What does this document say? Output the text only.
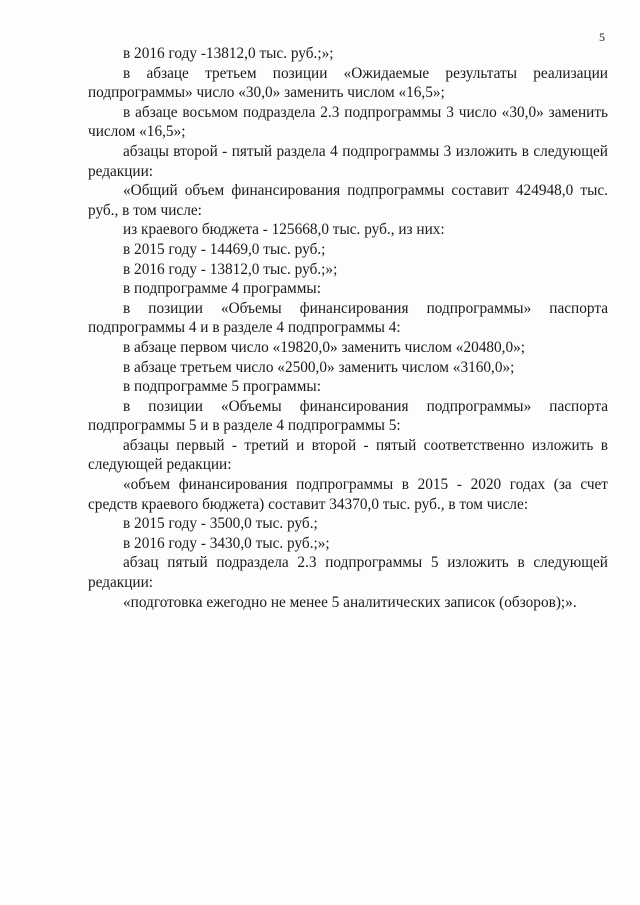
5

в 2016 году -13812,0 тыс. руб.;»;

в абзаце третьем позиции «Ожидаемые результаты реализации подпрограммы» число «30,0» заменить числом «16,5»;

в абзаце восьмом подраздела 2.3 подпрограммы 3 число «30,0» заменить числом «16,5»;

абзацы второй - пятый раздела 4 подпрограммы 3 изложить в следующей редакции:

«Общий объем финансирования подпрограммы составит 424948,0 тыс. руб., в том числе:

из краевого бюджета - 125668,0 тыс. руб., из них:

в 2015 году - 14469,0 тыс. руб.;

в 2016 году - 13812,0 тыс. руб.;»;

в подпрограмме 4 программы:

в позиции «Объемы финансирования подпрограммы» паспорта подпрограммы 4 и в разделе 4 подпрограммы 4:

в абзаце первом число «19820,0» заменить числом «20480,0»;

в абзаце третьем число «2500,0» заменить числом «3160,0»;

в подпрограмме 5 программы:

в позиции «Объемы финансирования подпрограммы» паспорта подпрограммы 5 и в разделе 4 подпрограммы 5:

абзацы первый - третий и второй - пятый соответственно изложить в следующей редакции:

«объем финансирования подпрограммы в 2015 - 2020 годах (за счет средств краевого бюджета) составит 34370,0 тыс. руб., в том числе:

в 2015 году - 3500,0 тыс. руб.;

в 2016 году - 3430,0 тыс. руб.;»;

абзац пятый подраздела 2.3 подпрограммы 5 изложить в следующей редакции:

«подготовка ежегодно не менее 5 аналитических записок (обзоров);».
